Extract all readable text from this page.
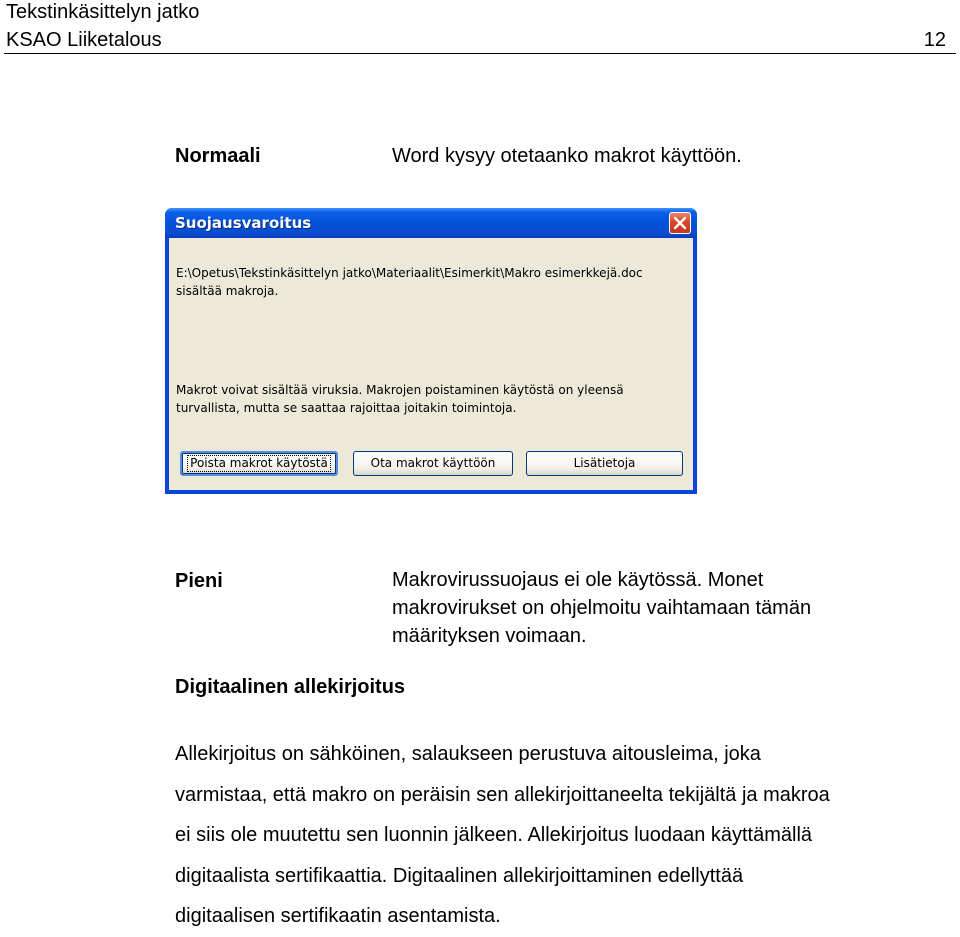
Tekstinkäsittelyn jatko
KSAO Liiketalous	12
Normaali	Word kysyy otetaanko makrot käyttöön.
Suojausvaroitus
E:\Opetus\Tekstinkäsittelyn jatko\Materiaalit\Esimerkit\Makro esimerkkejä.doc
sisältää makroja.
Makrot voivat sisältää viruksia. Makrojen poistaminen käytöstä on yleensä
turvallista, mutta se saattaa rajoittaa joitakin toimintoja.
Poista makrot käytöstä	Ota makrot käyttöön	Lisätietoja
Pieni	Makrovirussuojaus ei ole käytössä. Monet
makrovirukset on ohjelmoitu vaihtamaan tämän
määrityksen voimaan.
Digitaalinen allekirjoitus
Allekirjoitus on sähköinen, salaukseen perustuva aitousleima, joka
varmistaa, että makro on peräisin sen allekirjoittaneelta tekijältä ja makroa
ei siis ole muutettu sen luonnin jälkeen. Allekirjoitus luodaan käyttämällä
digitaalista sertifikaattia. Digitaalinen allekirjoittaminen edellyttää
digitaalisen sertifikaatin asentamista.
